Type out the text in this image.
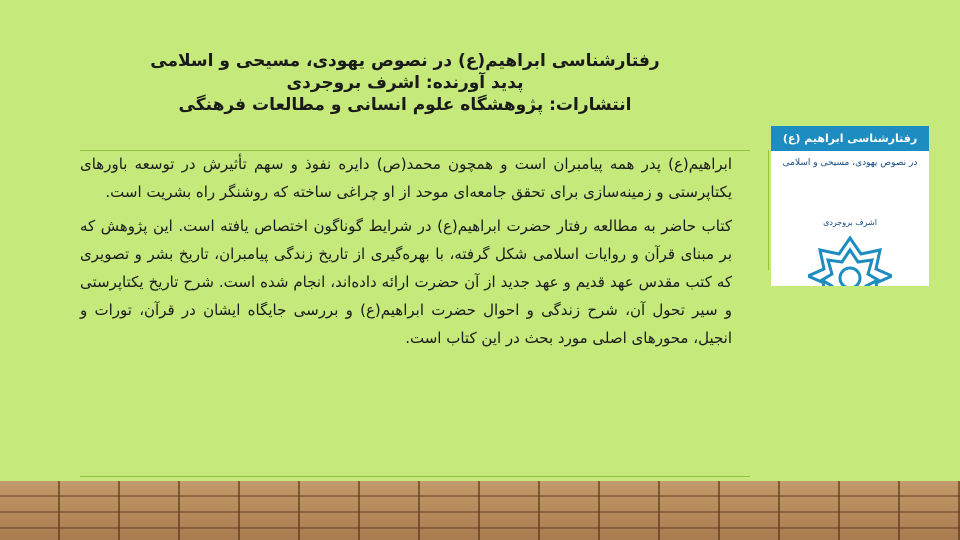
رفتارشناسی ابراهیم(ع) در نصوص یهودی، مسیحی و اسلامی
پدید آورنده: اشرف بروجردی
انتشارات: پژوهشگاه علوم انسانی و مطالعات فرهنگی

ابراهیم(ع) پدر همه پیامبران است و همچون محمد(ص) دایره نفوذ و سهم تأثیرش در توسعه باورهای یکتاپرستی و زمینه‌سازی برای تحقق جامعه‌ای موحد از او چراغی ساخته که روشنگر راه بشریت است.

کتاب حاضر به مطالعه رفتار حضرت ابراهیم(ع) در شرایط گوناگون اختصاص یافته است. این پژوهش که بر مبنای قرآن و روایات اسلامی شکل گرفته، با بهره‌گیری از تاریخ زندگی پیامبران، تاریخ بشر و تصویری که کتب مقدس عهد قدیم و عهد جدید از آن حضرت ارائه داده‌اند، انجام شده است. شرح تاریخ یکتاپرستی و سیر تحول آن، شرح زندگی و احوال حضرت ابراهیم(ع) و بررسی جایگاه ایشان در قرآن، تورات و انجیل، محورهای اصلی مورد بحث در این کتاب است.

رفتارشناسی ابراهیم (ع)
در نصوص یهودی، مسیحی و اسلامی
اشرف بروجردی
